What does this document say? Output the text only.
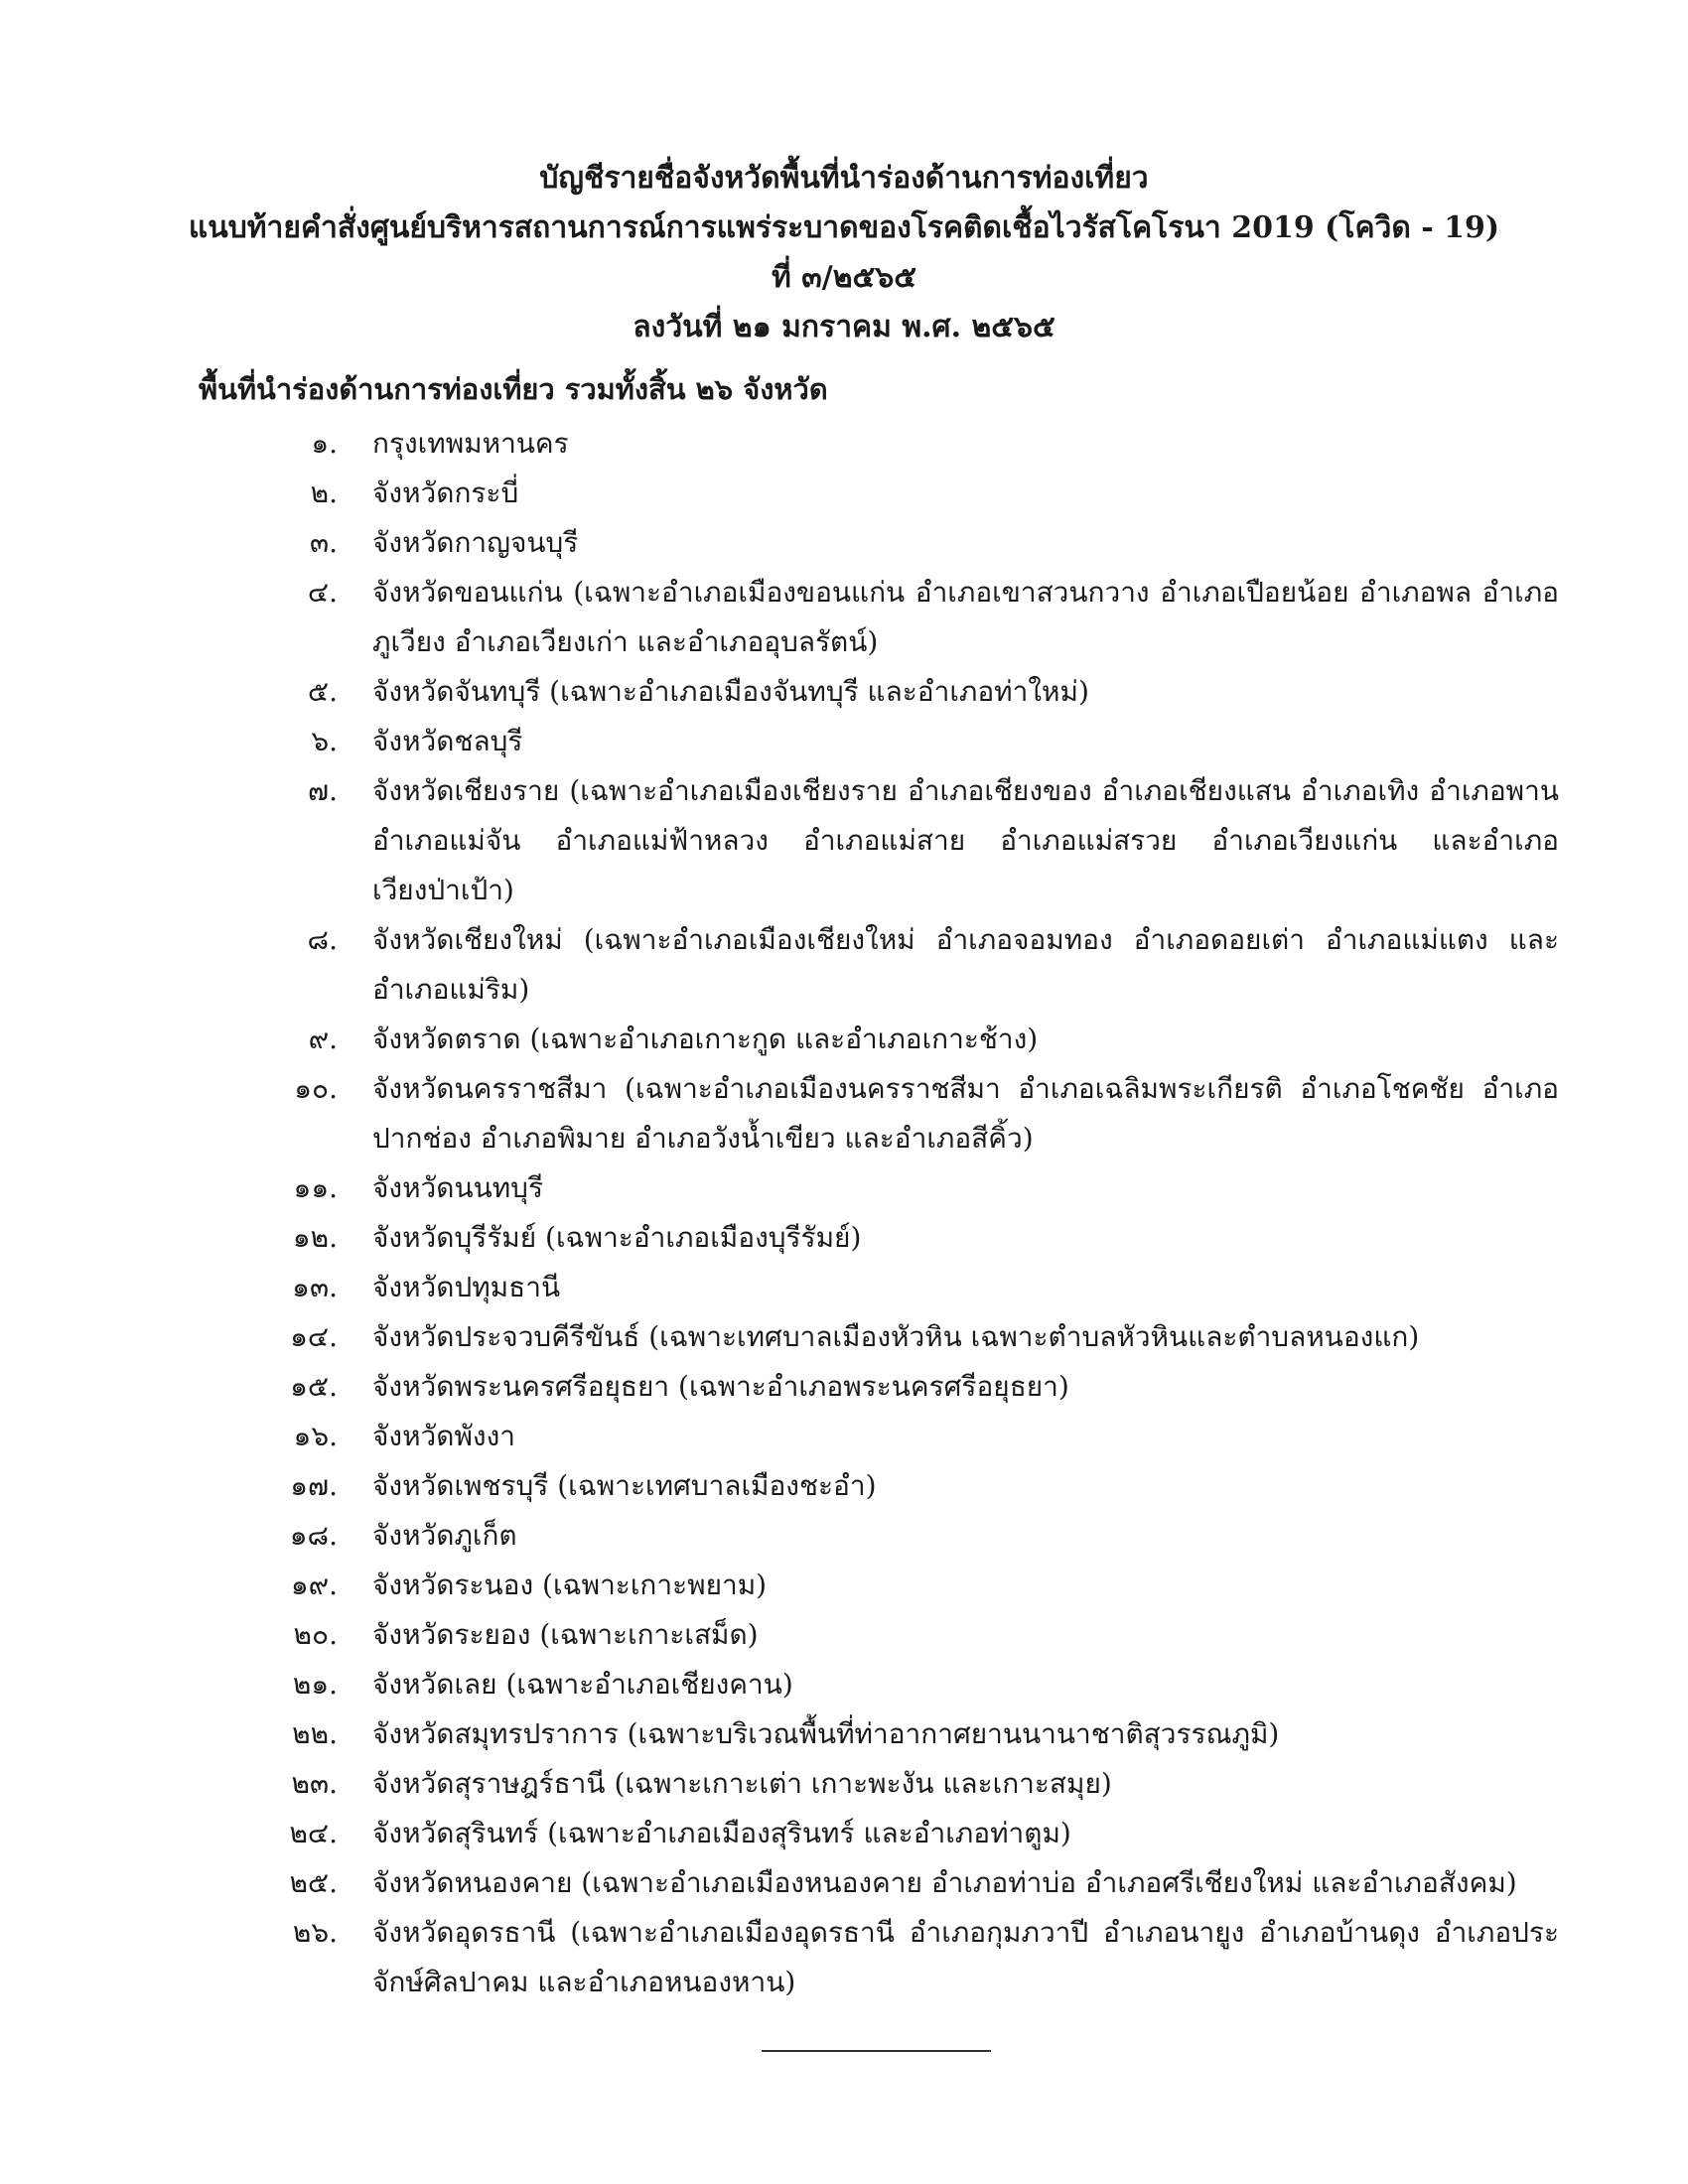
บัญชีรายชื่อจังหวัดพื้นที่นำร่องด้านการท่องเที่ยว
แนบท้ายคำสั่งศูนย์บริหารสถานการณ์การแพร่ระบาดของโรคติดเชื้อไวรัสโคโรนา 2019 (โควิด - 19)
ที่ ๓/๒๕๖๕
ลงวันที่ ๒๑ มกราคม พ.ศ. ๒๕๖๕
พื้นที่นำร่องด้านการท่องเที่ยว รวมทั้งสิ้น ๒๖ จังหวัด
๑. กรุงเทพมหานคร
๒. จังหวัดกระบี่
๓. จังหวัดกาญจนบุรี
๔. จังหวัดขอนแก่น (เฉพาะอำเภอเมืองขอนแก่น อำเภอเขาสวนกวาง อำเภอเปือยน้อย อำเภอพล อำเภอภูเวียง อำเภอเวียงเก่า และอำเภออุบลรัตน์)
๕. จังหวัดจันทบุรี (เฉพาะอำเภอเมืองจันทบุรี และอำเภอท่าใหม่)
๖. จังหวัดชลบุรี
๗. จังหวัดเชียงราย (เฉพาะอำเภอเมืองเชียงราย อำเภอเชียงของ อำเภอเชียงแสน อำเภอเทิง อำเภอพาน อำเภอแม่จัน อำเภอแม่ฟ้าหลวง อำเภอแม่สาย อำเภอแม่สรวย อำเภอเวียงแก่น และอำเภอเวียงป่าเป้า)
๘. จังหวัดเชียงใหม่ (เฉพาะอำเภอเมืองเชียงใหม่ อำเภอจอมทอง อำเภอดอยเต่า อำเภอแม่แตง และอำเภอแม่ริม)
๙. จังหวัดตราด (เฉพาะอำเภอเกาะกูด และอำเภอเกาะช้าง)
๑๐. จังหวัดนครราชสีมา (เฉพาะอำเภอเมืองนครราชสีมา อำเภอเฉลิมพระเกียรติ อำเภอโชคชัย อำเภอปากช่อง อำเภอพิมาย อำเภอวังน้ำเขียว และอำเภอสีคิ้ว)
๑๑. จังหวัดนนทบุรี
๑๒. จังหวัดบุรีรัมย์ (เฉพาะอำเภอเมืองบุรีรัมย์)
๑๓. จังหวัดปทุมธานี
๑๔. จังหวัดประจวบคีรีขันธ์ (เฉพาะเทศบาลเมืองหัวหิน เฉพาะตำบลหัวหินและตำบลหนองแก)
๑๕. จังหวัดพระนครศรีอยุธยา (เฉพาะอำเภอพระนครศรีอยุธยา)
๑๖. จังหวัดพังงา
๑๗. จังหวัดเพชรบุรี (เฉพาะเทศบาลเมืองชะอำ)
๑๘. จังหวัดภูเก็ต
๑๙. จังหวัดระนอง (เฉพาะเกาะพยาม)
๒๐. จังหวัดระยอง (เฉพาะเกาะเสม็ด)
๒๑. จังหวัดเลย (เฉพาะอำเภอเชียงคาน)
๒๒. จังหวัดสมุทรปราการ (เฉพาะบริเวณพื้นที่ท่าอากาศยานนานาชาติสุวรรณภูมิ)
๒๓. จังหวัดสุราษฎร์ธานี (เฉพาะเกาะเต่า เกาะพะงัน และเกาะสมุย)
๒๔. จังหวัดสุรินทร์ (เฉพาะอำเภอเมืองสุรินทร์ และอำเภอท่าตูม)
๒๕. จังหวัดหนองคาย (เฉพาะอำเภอเมืองหนองคาย อำเภอท่าบ่อ อำเภอศรีเชียงใหม่ และอำเภอสังคม)
๒๖. จังหวัดอุดรธานี (เฉพาะอำเภอเมืองอุดรธานี อำเภอกุมภวาปี อำเภอนายูง อำเภอบ้านดุง อำเภอประจักษ์ศิลปาคม และอำเภอหนองหาน)
